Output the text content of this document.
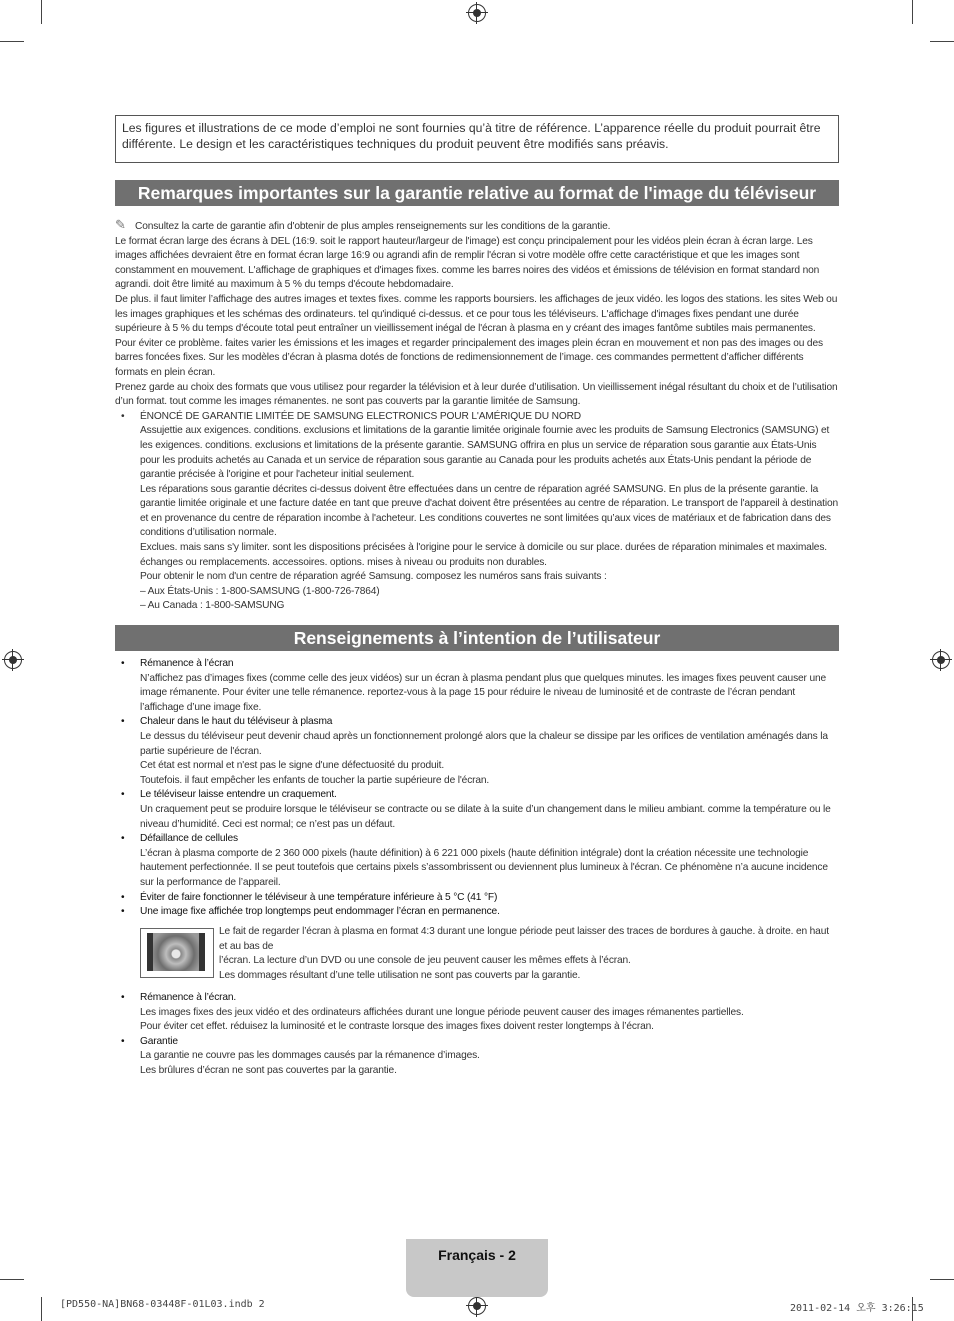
Les figures et illustrations de ce mode d’emploi ne sont fournies qu’à titre de référence. L’apparence réelle du produit pourrait être différente. Le design et les caractéristiques techniques du produit peuvent être modifiés sans préavis.
Remarques importantes sur la garantie relative au format de l'image du téléviseur

✎ Consultez la carte de garantie afin d'obtenir de plus amples renseignements sur les conditions de la garantie.

Le format écran large des écrans à DEL (16:9. soit le rapport hauteur/largeur de l'image) est conçu principalement pour les vidéos plein écran à écran large. Les images affichées devraient être en format écran large 16:9 ou agrandi afin de remplir l'écran si votre modèle offre cette caractéristique et que les images sont constamment en mouvement. L'affichage de graphiques et d'images fixes. comme les barres noires des vidéos et émissions de télévision en format standard non agrandi. doit être limité au maximum à 5 % du temps d'écoute hebdomadaire.

De plus. il faut limiter l’affichage des autres images et textes fixes. comme les rapports boursiers. les affichages de jeux vidéo. les logos des stations. les sites Web ou les images graphiques et les schémas des ordinateurs. tel qu'indiqué ci-dessus. et ce pour tous les téléviseurs. L'affichage d'images fixes pendant une durée supérieure à 5 % du temps d'écoute total peut entraîner un vieillissement inégal de l'écran à plasma en y créant des images fantôme subtiles mais permanentes. Pour éviter ce problème. faites varier les émissions et les images et regarder principalement des images plein écran en mouvement et non pas des images ou des barres foncées fixes. Sur les modèles d’écran à plasma dotés de fonctions de redimensionnement de l’image. ces commandes permettent d’afficher différents formats en plein écran.

Prenez garde au choix des formats que vous utilisez pour regarder la télévision et à leur durée d’utilisation. Un vieillissement inégal résultant du choix et de l’utilisation d’un format. tout comme les images rémanentes. ne sont pas couverts par la garantie limitée de Samsung.

• ÉNONCÉ DE GARANTIE LIMITÉE DE SAMSUNG ELECTRONICS POUR L'AMÉRIQUE DU NORD

Assujettie aux exigences. conditions. exclusions et limitations de la garantie limitée originale fournie avec les produits de Samsung Electronics (SAMSUNG) et les exigences. conditions. exclusions et limitations de la présente garantie. SAMSUNG offrira en plus un service de réparation sous garantie aux États-Unis pour les produits achetés au Canada et un service de réparation sous garantie au Canada pour les produits achetés aux États-Unis pendant la période de garantie précisée à l'origine et pour l'acheteur initial seulement.

Les réparations sous garantie décrites ci-dessus doivent être effectuées dans un centre de réparation agréé SAMSUNG. En plus de la présente garantie. la garantie limitée originale et une facture datée en tant que preuve d'achat doivent être présentées au centre de réparation. Le transport de l'appareil à destination et en provenance du centre de réparation incombe à l'acheteur. Les conditions couvertes ne sont limitées qu’aux vices de matériaux et de fabrication dans des conditions d’utilisation normale.

Exclues. mais sans s'y limiter. sont les dispositions précisées à l'origine pour le service à domicile ou sur place. durées de réparation minimales et maximales. échanges ou remplacements. accessoires. options. mises à niveau ou produits non durables.

Pour obtenir le nom d'un centre de réparation agréé Samsung. composez les numéros sans frais suivants :

– Aux États-Unis : 1-800-SAMSUNG (1-800-726-7864)

– Au Canada : 1-800-SAMSUNG

Renseignements à l’intention de l’utilisateur

• Rémanence à l’écran

N’affichez pas d’images fixes (comme celle des jeux vidéos) sur un écran à plasma pendant plus que quelques minutes. les images fixes peuvent causer une image rémanente. Pour éviter une telle rémanence. reportez-vous à la page 15 pour réduire le niveau de luminosité et de contraste de l’écran pendant l’affichage d’une image fixe.

• Chaleur dans le haut du téléviseur à plasma

Le dessus du téléviseur peut devenir chaud après un fonctionnement prolongé alors que la chaleur se dissipe par les orifices de ventilation aménagés dans la partie supérieure de l'écran.

Cet état est normal et n'est pas le signe d'une défectuosité du produit.

Toutefois. il faut empêcher les enfants de toucher la partie supérieure de l'écran.

• Le téléviseur laisse entendre un craquement.

Un craquement peut se produire lorsque le téléviseur se contracte ou se dilate à la suite d’un changement dans le milieu ambiant. comme la température ou le niveau d’humidité. Ceci est normal; ce n’est pas un défaut.

• Défaillance de cellules

L’écran à plasma comporte de 2 360 000 pixels (haute définition) à 6 221 000 pixels (haute définition intégrale) dont la création nécessite une technologie hautement perfectionnée. Il se peut toutefois que certains pixels s’assombrissent ou deviennent plus lumineux à l'écran. Ce phénomène n’a aucune incidence sur la performance de l’appareil.

• Éviter de faire fonctionner le téléviseur à une température inférieure à 5 °C (41 °F)

• Une image fixe affichée trop longtemps peut endommager l’écran en permanence.

Le fait de regarder l’écran à plasma en format 4:3 durant une longue période peut laisser des traces de bordures à gauche. à droite. en haut et au bas de

l’écran. La lecture d’un DVD ou une console de jeu peuvent causer les mêmes effets à l’écran.

Les dommages résultant d’une telle utilisation ne sont pas couverts par la garantie.

• Rémanence à l’écran.

Les images fixes des jeux vidéo et des ordinateurs affichées durant une longue période peuvent causer des images rémanentes partielles.

Pour éviter cet effet. réduisez la luminosité et le contraste lorsque des images fixes doivent rester longtemps à l’écran.

• Garantie

La garantie ne couvre pas les dommages causés par la rémanence d’images.

Les brûlures d’écran ne sont pas couvertes par la garantie.

Français - 2
[PD550-NA]BN68-03448F-01L03.indb 2	2011-02-14 오후 3:26:15
